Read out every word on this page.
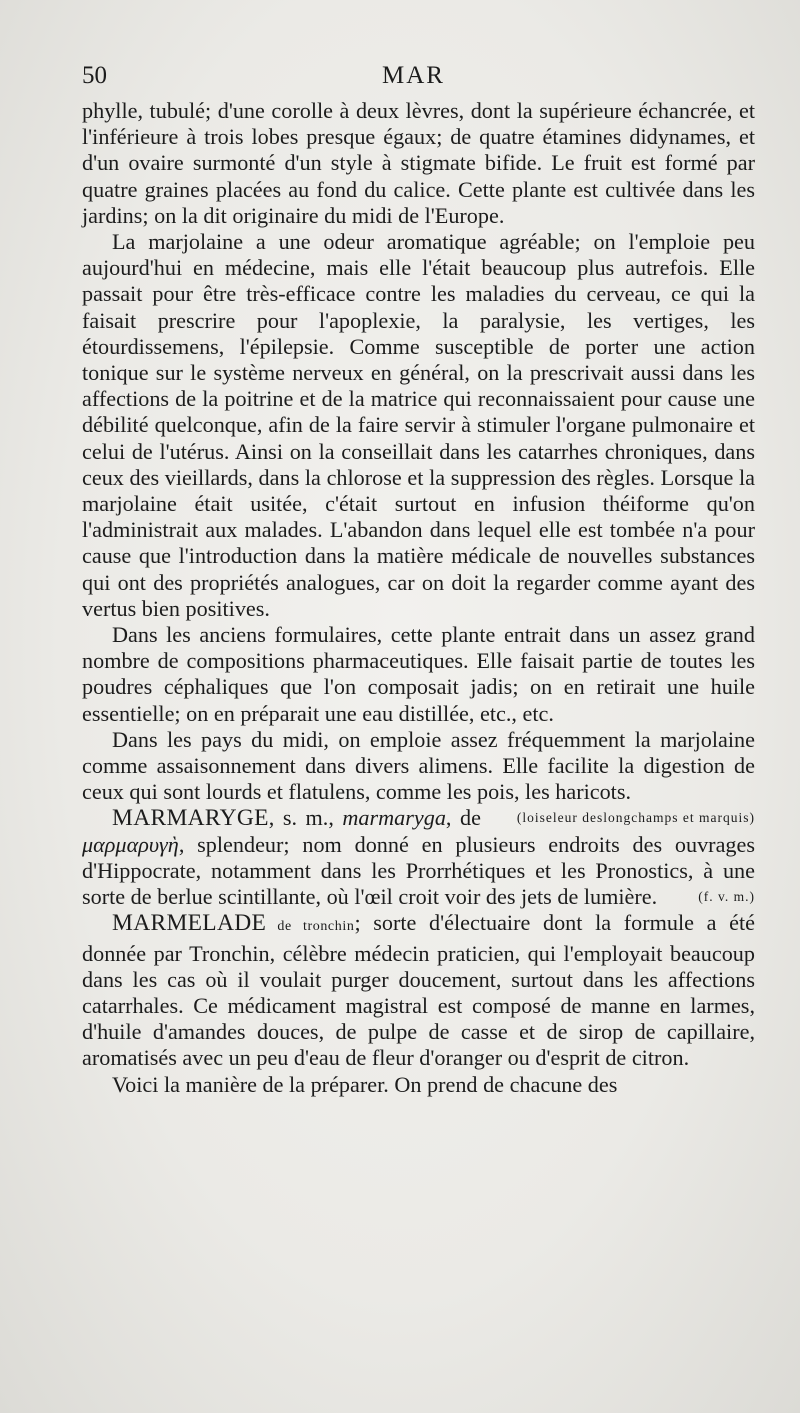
50	MAR

phylle, tubulé; d'une corolle à deux lèvres, dont la supérieure échancrée, et l'inférieure à trois lobes presque égaux; de quatre étamines didynames, et d'un ovaire surmonté d'un style à stigmate bifide. Le fruit est formé par quatre graines placées au fond du calice. Cette plante est cultivée dans les jardins; on la dit originaire du midi de l'Europe.

La marjolaine a une odeur aromatique agréable; on l'emploie peu aujourd'hui en médecine, mais elle l'était beaucoup plus autrefois. Elle passait pour être très-efficace contre les maladies du cerveau, ce qui la faisait prescrire pour l'apoplexie, la paralysie, les vertiges, les étourdissemens, l'épilepsie. Comme susceptible de porter une action tonique sur le système nerveux en général, on la prescrivait aussi dans les affections de la poitrine et de la matrice qui reconnaissaient pour cause une débilité quelconque, afin de la faire servir à stimuler l'organe pulmonaire et celui de l'utérus. Ainsi on la conseillait dans les catarrhes chroniques, dans ceux des vieillards, dans la chlorose et la suppression des règles. Lorsque la marjolaine était usitée, c'était surtout en infusion théiforme qu'on l'administrait aux malades. L'abandon dans lequel elle est tombée n'a pour cause que l'introduction dans la matière médicale de nouvelles substances qui ont des propriétés analogues, car on doit la regarder comme ayant des vertus bien positives.

Dans les anciens formulaires, cette plante entrait dans un assez grand nombre de compositions pharmaceutiques. Elle faisait partie de toutes les poudres céphaliques que l'on composait jadis; on en retirait une huile essentielle; on en préparait une eau distillée, etc., etc.

Dans les pays du midi, on emploie assez fréquemment la marjolaine comme assaisonnement dans divers alimens. Elle facilite la digestion de ceux qui sont lourds et flatulens, comme les pois, les haricots.
(loiseleur deslongchamps et marquis)

MARMARYGE, s. m., marmaryga, de μαρμαρυγὴ, splendeur; nom donné en plusieurs endroits des ouvrages d'Hippocrate, notamment dans les Prorrhétiques et les Pronostics, à une sorte de berlue scintillante, où l'œil croit voir des jets de lumière.	(f. v. m.)

MARMELADE de tronchin; sorte d'électuaire dont la formule a été donnée par Tronchin, célèbre médecin praticien, qui l'employait beaucoup dans les cas où il voulait purger doucement, surtout dans les affections catarrhales. Ce médicament magistral est composé de manne en larmes, d'huile d'amandes douces, de pulpe de casse et de sirop de capillaire, aromatisés avec un peu d'eau de fleur d'oranger ou d'esprit de citron.

Voici la manière de la préparer. On prend de chacune des
